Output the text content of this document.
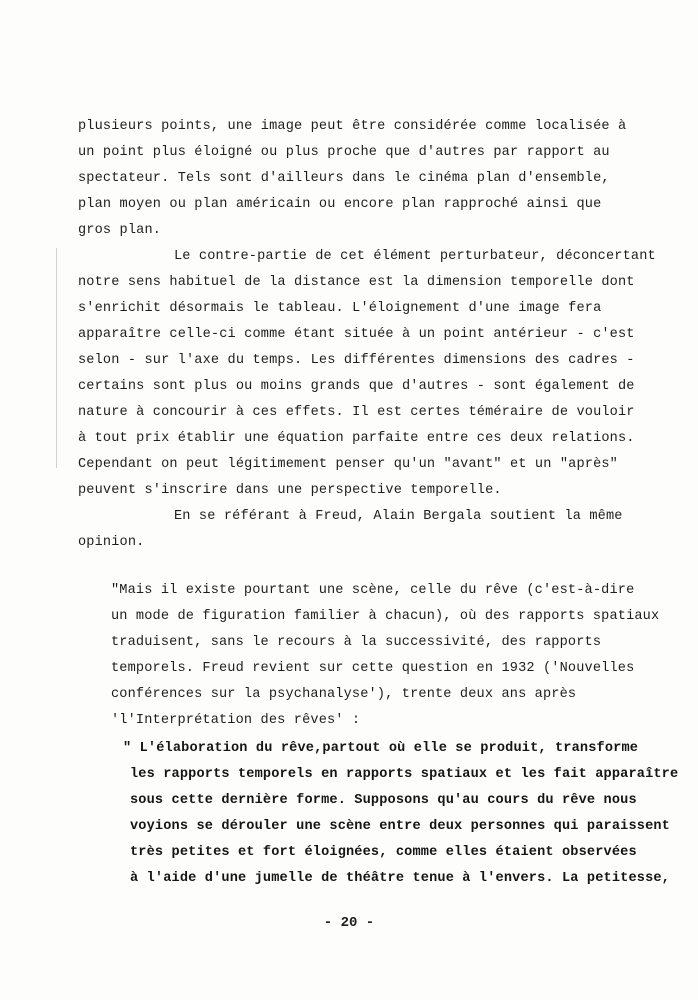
plusieurs points, une image peut être considérée comme localisée à
un point plus éloigné ou plus proche que d'autres par rapport au
spectateur. Tels sont d'ailleurs dans le cinéma plan d'ensemble,
plan moyen ou plan américain ou encore plan rapproché ainsi que
gros plan.
Le contre-partie de cet élément perturbateur, déconcertant
notre sens habituel de la distance est la dimension temporelle dont
s'enrichit désormais le tableau. L'éloignement d'une image fera
apparaître celle-ci comme étant située à un point antérieur - c'est
selon - sur l'axe du temps. Les différentes dimensions des cadres -
certains sont plus ou moins grands que d'autres - sont également de
nature à concourir à ces effets. Il est certes téméraire de vouloir
à tout prix établir une équation parfaite entre ces deux relations.
Cependant on peut légitimement penser qu'un "avant" et un "après"
peuvent s'inscrire dans une perspective temporelle.
En se référant à Freud, Alain Bergala soutient la même
opinion.
"Mais il existe pourtant une scène, celle du rêve (c'est-à-dire
un mode de figuration familier à chacun), où des rapports spatiaux
traduisent, sans le recours à la successivité, des rapports
temporels. Freud revient sur cette question en 1932 ('Nouvelles
conférences sur la psychanalyse'), trente deux ans après
'l'Interprétation des rêves' :
" L'élaboration du rêve,partout où elle se produit, transforme
les rapports temporels en rapports spatiaux et les fait apparaître
sous cette dernière forme. Supposons qu'au cours du rêve nous
voyions se dérouler une scène entre deux personnes qui paraissent
très petites et fort éloignées, comme elles étaient observées
à l'aide d'une jumelle de théâtre tenue à l'envers. La petitesse,
- 20 -
